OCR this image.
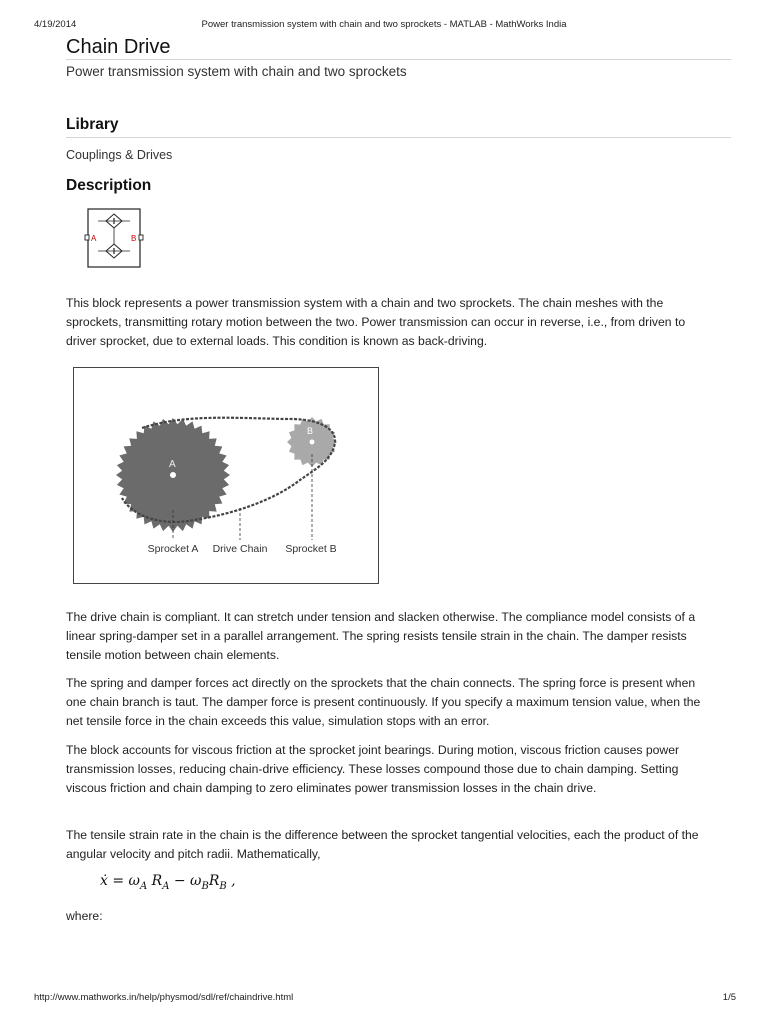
4/19/2014	Power transmission system with chain and two sprockets - MATLAB - MathWorks India
Chain Drive
Power transmission system with chain and two sprockets
Library
Couplings & Drives
Description
A	B

This block represents a power transmission system with a chain and two sprockets. The chain meshes with the sprockets, transmitting rotary motion between the two. Power transmission can occur in reverse, i.e., from driven to driver sprocket, due to external loads. This condition is known as back-driving.

A
B
Sprocket A Drive Chain Sprocket B

The drive chain is compliant. It can stretch under tension and slacken otherwise. The compliance model consists of a linear spring-damper set in a parallel arrangement. The spring resists tensile strain in the chain. The damper resists tensile motion between chain elements.

The spring and damper forces act directly on the sprockets that the chain connects. The spring force is present when one chain branch is taut. The damper force is present continuously. If you specify a maximum tension value, when the net tensile force in the chain exceeds this value, simulation stops with an error.

The block accounts for viscous friction at the sprocket joint bearings. During motion, viscous friction causes power transmission losses, reducing chain-drive efficiency. These losses compound those due to chain damping. Setting viscous friction and chain damping to zero eliminates power transmission losses in the chain drive.

The tensile strain rate in the chain is the difference between the sprocket tangential velocities, each the product of the angular velocity and pitch radii. Mathematically,

ẋ = $\omega_A$ $R_A - \omega_BR_B$ ,

where:

http://www.mathworks.in/help/physmod/sdl/ref/chaindrive.html	1/5
